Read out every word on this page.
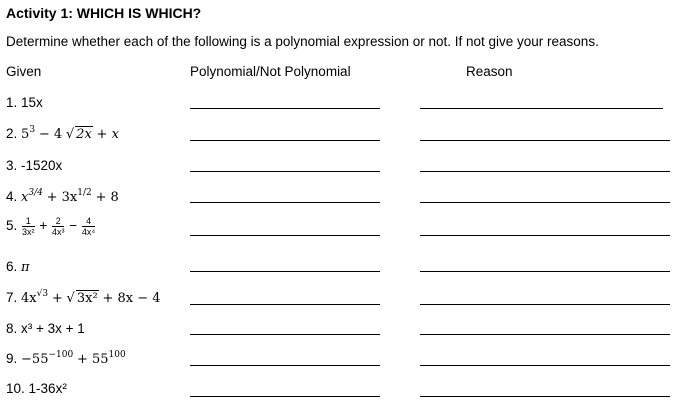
Activity 1: WHICH IS WHICH?
Determine whether each of the following is a polynomial expression or not. If not give your reasons.
Given	Polynomial/Not Polynomial	Reason
1. 15x
2. $5^3 - 4$ √ 2x + x
3. -1520x
4. $x^{3/4} + 3x^{1/2} + 8$
5. $\frac{1}{\text{3x²}} + \frac{2}{\text{4x³}} - \frac{4}{\text{4x⁴}}$
6. π
7. $4x^{√3}$ + √ 3x² + 8x − 4
8. x³ + 3x + 1
9. $-55^{-100} + 55^{100}$
10. 1-36x²
